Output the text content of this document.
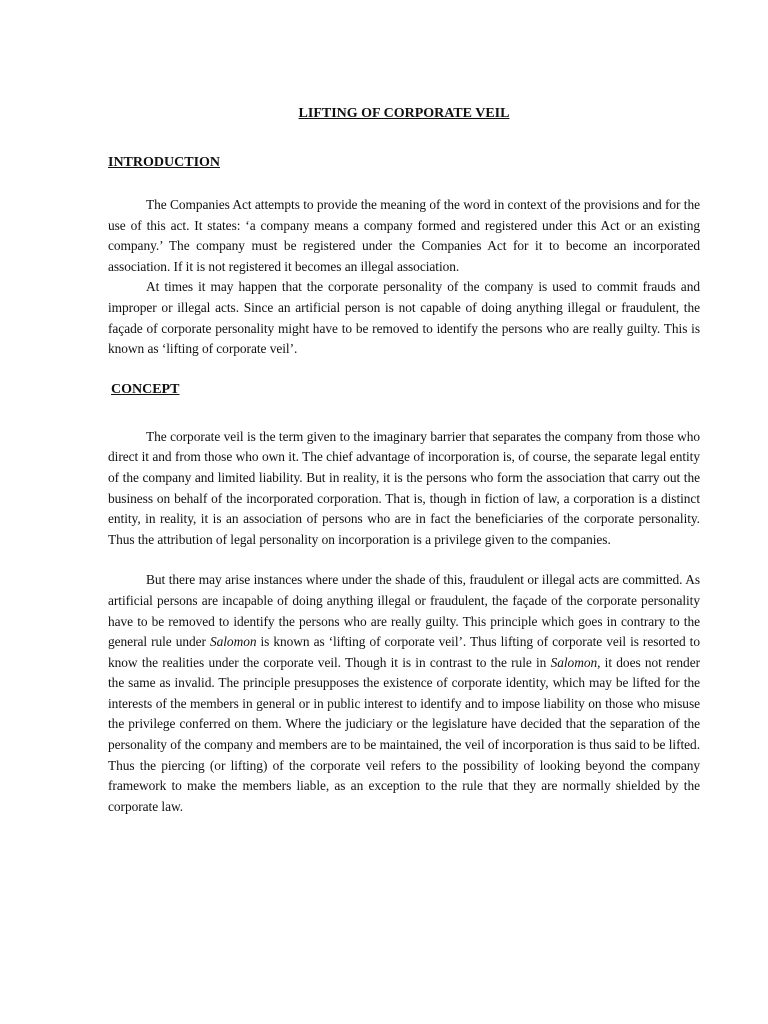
LIFTING OF CORPORATE VEIL
INTRODUCTION

The Companies Act attempts to provide the meaning of the word in context of the provisions and for the use of this act. It states: ‘a company means a company formed and registered under this Act or an existing company.’ The company must be registered under the Companies Act for it to become an incorporated association. If it is not registered it becomes an illegal association.

At times it may happen that the corporate personality of the company is used to commit frauds and improper or illegal acts. Since an artificial person is not capable of doing anything illegal or fraudulent, the façade of corporate personality might have to be removed to identify the persons who are really guilty. This is known as ‘lifting of corporate veil’.

CONCEPT

The corporate veil is the term given to the imaginary barrier that separates the company from those who direct it and from those who own it. The chief advantage of incorporation is, of course, the separate legal entity of the company and limited liability. But in reality, it is the persons who form the association that carry out the business on behalf of the incorporated corporation. That is, though in fiction of law, a corporation is a distinct entity, in reality, it is an association of persons who are in fact the beneficiaries of the corporate personality. Thus the attribution of legal personality on incorporation is a privilege given to the companies.

But there may arise instances where under the shade of this, fraudulent or illegal acts are committed. As artificial persons are incapable of doing anything illegal or fraudulent, the façade of the corporate personality have to be removed to identify the persons who are really guilty. This principle which goes in contrary to the general rule under Salomon is known as ‘lifting of corporate veil’. Thus lifting of corporate veil is resorted to know the realities under the corporate veil. Though it is in contrast to the rule in Salomon, it does not render the same as invalid. The principle presupposes the existence of corporate identity, which may be lifted for the interests of the members in general or in public interest to identify and to impose liability on those who misuse the privilege conferred on them. Where the judiciary or the legislature have decided that the separation of the personality of the company and members are to be maintained, the veil of incorporation is thus said to be lifted. Thus the piercing (or lifting) of the corporate veil refers to the possibility of looking beyond the company framework to make the members liable, as an exception to the rule that they are normally shielded by the corporate law.
